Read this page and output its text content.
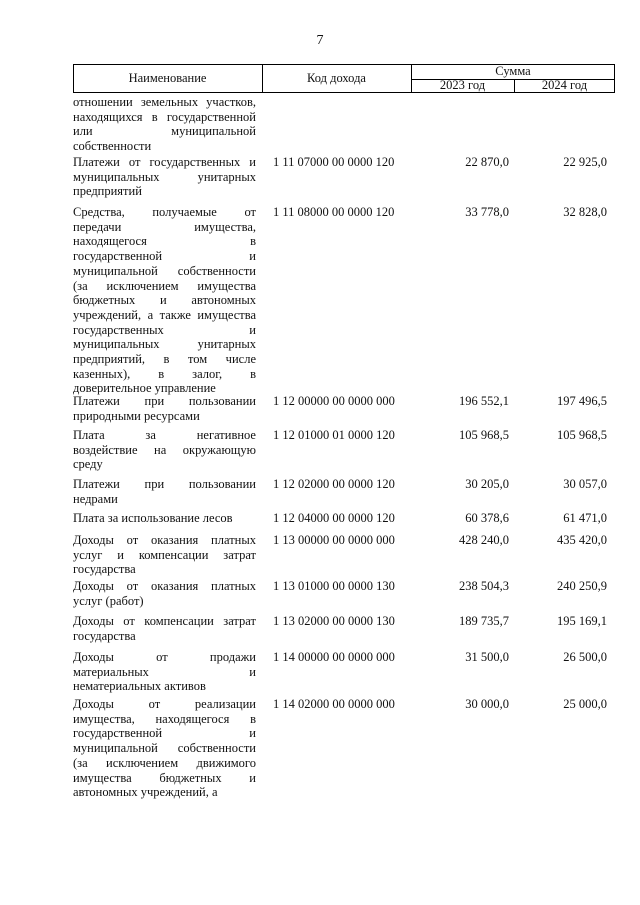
7
Наименование	Код дохода	Сумма
2023 год	2024 год
отношении земельных участков,
находящихся в государственной
или муниципальной
собственности
Платежи от государственных и
муниципальных унитарных
предприятий
1 11 07000 00 0000 120	22 870,0	22 925,0
Средства, получаемые от
передачи имущества,
находящегося в
государственной и
муниципальной собственности
(за исключением имущества
бюджетных и автономных
учреждений, а также имущества
государственных и
муниципальных унитарных
предприятий, в том числе
казенных), в залог, в
доверительное управление
1 11 08000 00 0000 120	33 778,0	32 828,0
Платежи при пользовании
природными ресурсами
1 12 00000 00 0000 000	196 552,1	197 496,5
Плата за негативное
воздействие на окружающую
среду
1 12 01000 01 0000 120	105 968,5	105 968,5
Платежи при пользовании
недрами
1 12 02000 00 0000 120	30 205,0	30 057,0
Плата за использование лесов	1 12 04000 00 0000 120	60 378,6	61 471,0
Доходы от оказания платных
услуг и компенсации затрат
государства
1 13 00000 00 0000 000	428 240,0	435 420,0
Доходы от оказания платных
услуг (работ)
1 13 01000 00 0000 130	238 504,3	240 250,9
Доходы от компенсации затрат
государства
1 13 02000 00 0000 130	189 735,7	195 169,1
Доходы от продажи
материальных и
нематериальных активов
1 14 00000 00 0000 000	31 500,0	26 500,0
Доходы от реализации
имущества, находящегося в
государственной и
муниципальной собственности
(за исключением движимого
имущества бюджетных и
автономных учреждений, а
1 14 02000 00 0000 000	30 000,0	25 000,0
